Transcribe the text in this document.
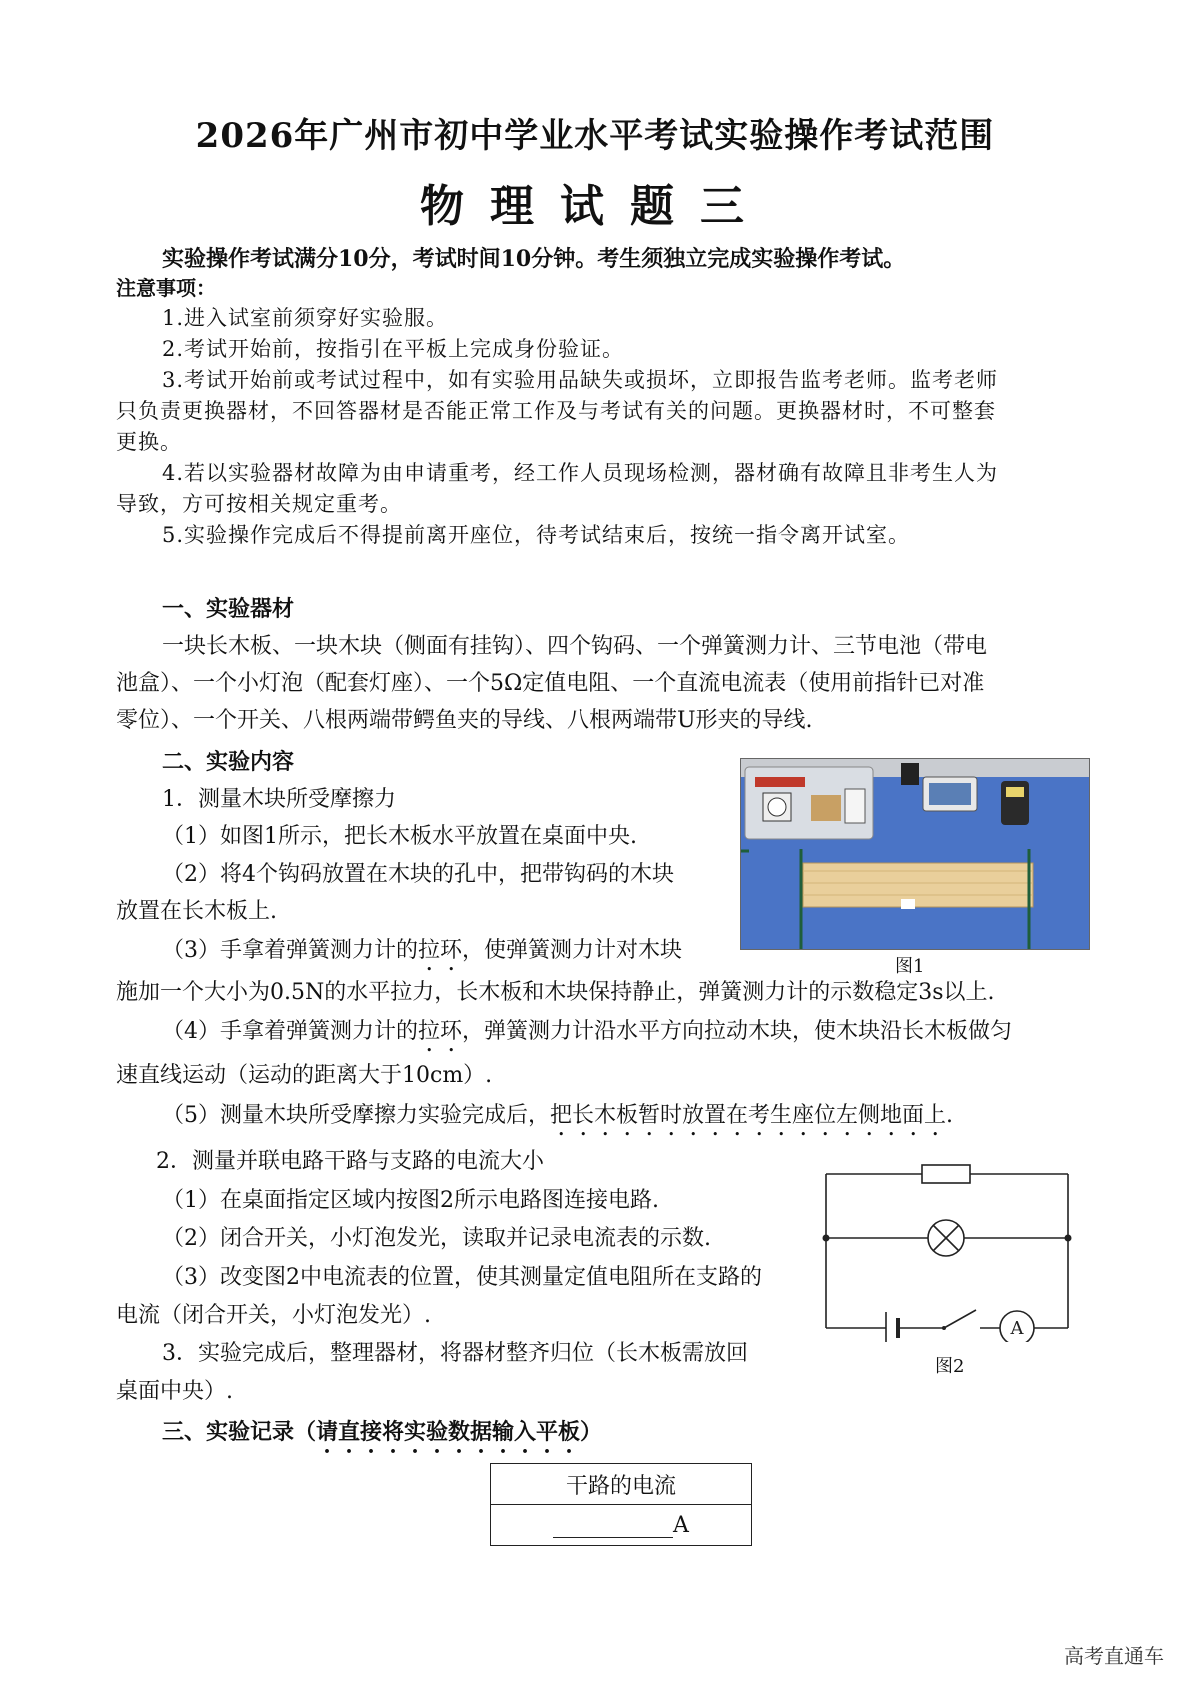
2026年广州市初中学业水平考试实验操作考试范围
物理试题三
实验操作考试满分10分，考试时间10分钟。考生须独立完成实验操作考试。
注意事项：
1.进入试室前须穿好实验服。
2.考试开始前，按指引在平板上完成身份验证。
3.考试开始前或考试过程中，如有实验用品缺失或损坏，立即报告监考老师。监考老师
只负责更换器材，不回答器材是否能正常工作及与考试有关的问题。更换器材时，不可整套
更换。
4.若以实验器材故障为由申请重考，经工作人员现场检测，器材确有故障且非考生人为
导致，方可按相关规定重考。
5.实验操作完成后不得提前离开座位，待考试结束后，按统一指令离开试室。
一、实验器材
一块长木板、一块木块（侧面有挂钩）、四个钩码、一个弹簧测力计、三节电池（带电
池盒）、一个小灯泡（配套灯座）、一个5Ω定值电阻、一个直流电流表（使用前指针已对准
零位）、一个开关、八根两端带鳄鱼夹的导线、八根两端带U形夹的导线.
二、实验内容
1．测量木块所受摩擦力
（1）如图1所示，把长木板水平放置在桌面中央.
（2）将4个钩码放置在木块的孔中，把带钩码的木块
放置在长木板上.
（3）手拿着弹簧测力计的拉环，使弹簧测力计对木块
施加一个大小为0.5N的水平拉力，长木板和木块保持静止，弹簧测力计的示数稳定3s以上.
（4）手拿着弹簧测力计的拉环，弹簧测力计沿水平方向拉动木块，使木块沿长木板做匀
速直线运动（运动的距离大于10cm）.
（5）测量木块所受摩擦力实验完成后，把长木板暂时放置在考生座位左侧地面上.
图1
2．测量并联电路干路与支路的电流大小
（1）在桌面指定区域内按图2所示电路图连接电路.
（2）闭合开关，小灯泡发光，读取并记录电流表的示数.
（3）改变图2中电流表的位置，使其测量定值电阻所在支路的
电流（闭合开关，小灯泡发光）.
3．实验完成后，整理器材，将器材整齐归位（长木板需放回
桌面中央）.
A
图2
三、实验记录（请直接将实验数据输入平板）
干路的电流
A
高考直通车
